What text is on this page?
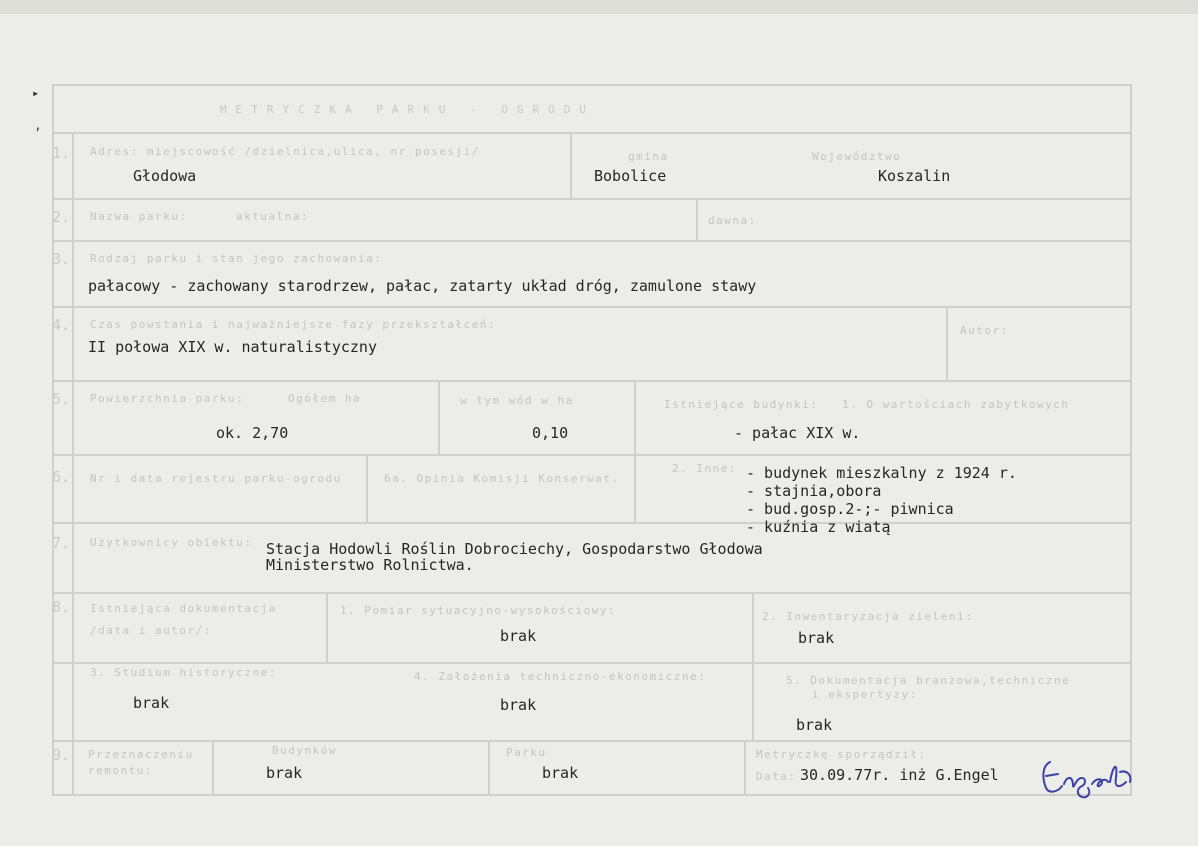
▸
’
METRYCZKA PARKU - OGRODU
1. Adres: miejscowość /dzielnica,ulica, nr posesji/
Głodowa
gmina
Bobolice
Województwo
Koszalin
2. Nazwa parku:	aktualna:	dawna:
3. Rodzaj parku i stan jego zachowania:
pałacowy - zachowany starodrzew, pałac, zatarty układ dróg, zamulone stawy
4. Czas powstania i najważniejsze fazy przekształceń:
II połowa XIX w. naturalistyczny
Autor:
5. Powierzchnia parku:	Ogółem ha
ok. 2,70
w tym wód w ha
0,10
Istniejące budynki: 1. O wartościach zabytkowych
- pałac XIX w.
6. Nr i data rejestru parku-ogrodu	6a. Opinia Komisji Konserwat.
2. Inne: - budynek mieszkalny z 1924 r.
- stajnia,obora
- bud.gosp.2-;- piwnica
- kuźnia z wiatą
7. Użytkownicy obiektu: Stacja Hodowli Roślin Dobrociechy, Gospodarstwo Głodowa
Ministerstwo Rolnictwa.
8. Istniejąca dokumentacja
/data i autor/:
1. Pomiar sytuacyjno-wysokościowy:
brak
2. Inwentaryzacja zieleni:
brak
3. Studium historyczne:
brak
4. Założenia techniczno-ekonomiczne:
brak
5. Dokumentacja branżowa,techniczne
i ekspertyzy:
brak
9. Przeznaczeniu
remontu:
Budynków
brak
Parku
brak
Metryczkę sporządził:
Data: 30.09.77r. inż G.Engel
